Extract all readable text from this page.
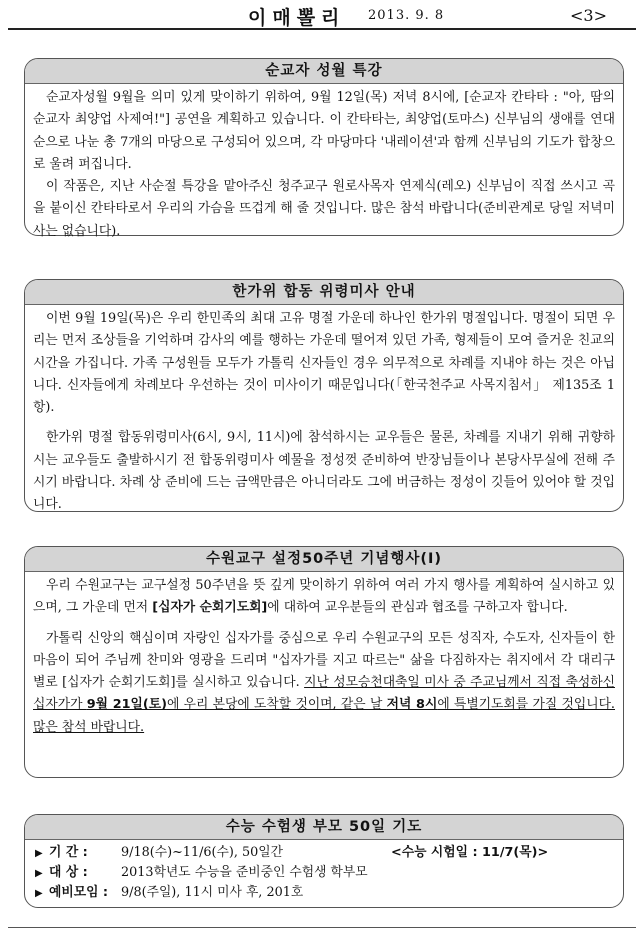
이매뽈리 2013. 9. 8	<3>
순교자 성월 특강

순교자성월 9월을 의미 있게 맞이하기 위하여, 9월 12일(목) 저녁 8시에, [순교자 칸타타 : "아, 땀의 순교자 최양업 사제여!"] 공연을 계획하고 있습니다. 이 칸타타는, 최양업(토마스) 신부님의 생애를 연대순으로 나눈 총 7개의 마당으로 구성되어 있으며, 각 마당마다 '내레이션'과 함께 신부님의 기도가 합창으로 울려 퍼집니다.

이 작품은, 지난 사순절 특강을 맡아주신 청주교구 원로사목자 연제식(레오) 신부님이 직접 쓰시고 곡을 붙이신 칸타타로서 우리의 가슴을 뜨겁게 해 줄 것입니다. 많은 참석 바랍니다(준비관계로 당일 저녁미사는 없습니다).

한가위 합동 위령미사 안내

이번 9월 19일(목)은 우리 한민족의 최대 고유 명절 가운데 하나인 한가위 명절입니다. 명절이 되면 우리는 먼저 조상들을 기억하며 감사의 예를 행하는 가운데 떨어져 있던 가족, 형제들이 모여 즐거운 친교의 시간을 가집니다. 가족 구성원들 모두가 가톨릭 신자들인 경우 의무적으로 차례를 지내야 하는 것은 아닙니다. 신자들에게 차례보다 우선하는 것이 미사이기 때문입니다(「한국천주교 사목지침서」 제135조 1항).

한가위 명절 합동위령미사(6시, 9시, 11시)에 참석하시는 교우들은 물론, 차례를 지내기 위해 귀향하시는 교우들도 출발하시기 전 합동위령미사 예물을 정성껏 준비하여 반장님들이나 본당사무실에 전해 주시기 바랍니다. 차례 상 준비에 드는 금액만큼은 아니더라도 그에 버금하는 정성이 깃들어 있어야 할 것입니다.

수원교구 설정50주년 기념행사(Ⅰ)

우리 수원교구는 교구설정 50주년을 뜻 깊게 맞이하기 위하여 여러 가지 행사를 계획하여 실시하고 있으며, 그 가운데 먼저 [십자가 순회기도회]에 대하여 교우분들의 관심과 협조를 구하고자 합니다.

가톨릭 신앙의 핵심이며 자랑인 십자가를 중심으로 우리 수원교구의 모든 성직자, 수도자, 신자들이 한 마음이 되어 주님께 찬미와 영광을 드리며 "십자가를 지고 따르는" 삶을 다짐하자는 취지에서 각 대리구별로 [십자가 순회기도회]를 실시하고 있습니다. 지난 성모승천대축일 미사 중 주교님께서 직접 축성하신 십자가가 9월 21일(토)에 우리 본당에 도착할 것이며, 같은 날 저녁 8시에 특별기도회를 가질 것입니다. 많은 참석 바랍니다.

수능 수험생 부모 50일 기도
▶ 기 간 :	9/18(수)~11/6(수), 50일간	<수능 시험일 : 11/7(목)>
▶ 대 상 :	2013학년도 수능을 준비중인 수험생 학부모
▶ 예비모임 : 9/8(주일), 11시 미사 후, 201호
